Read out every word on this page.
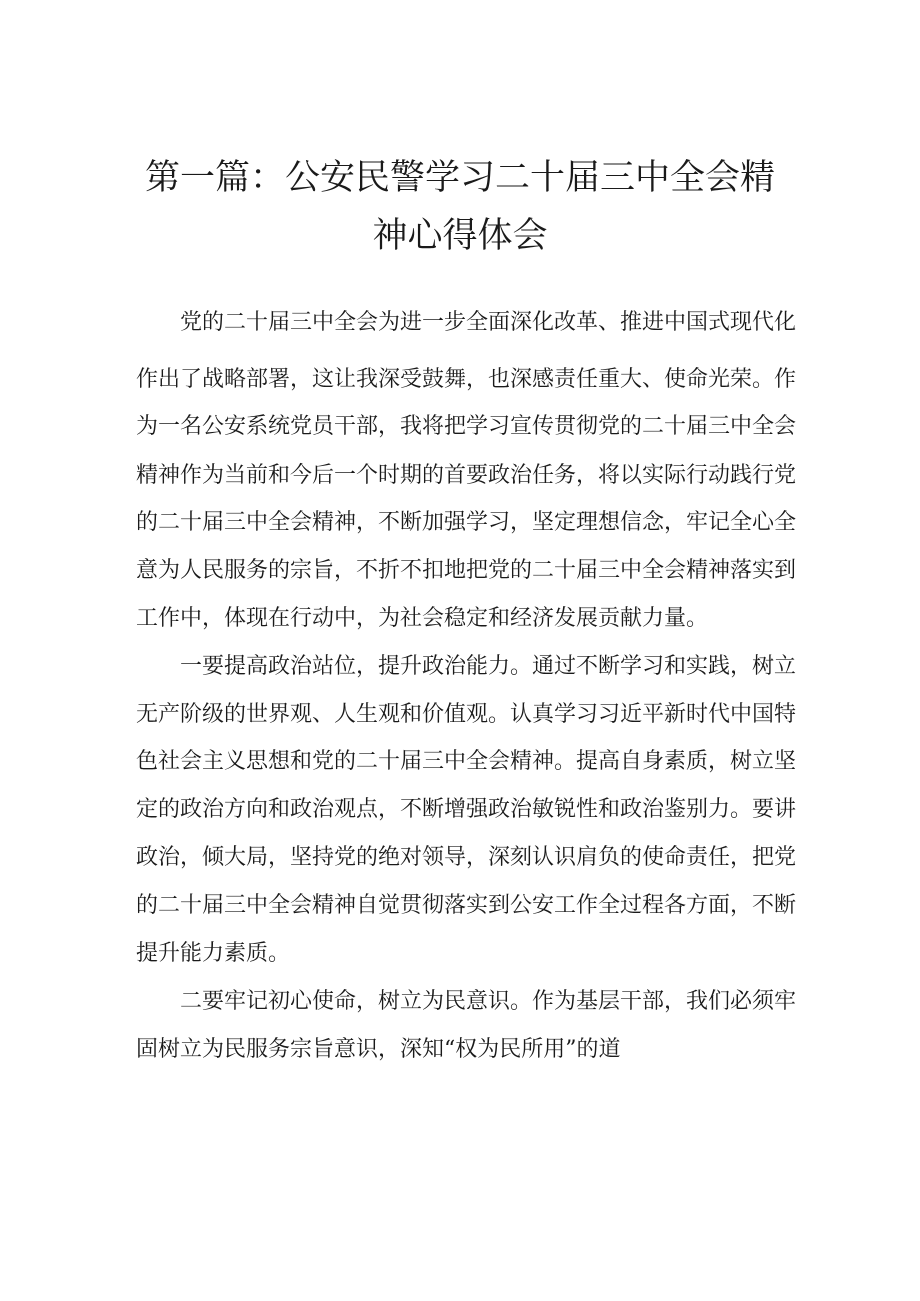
第一篇：公安民警学习二十届三中全会精
神心得体会
党的二十届三中全会为进一步全面深化改革、推进中国式现代化
作出了战略部署，这让我深受鼓舞，也深感责任重大、使命光荣。作
为一名公安系统党员干部，我将把学习宣传贯彻党的二十届三中全会
精神作为当前和今后一个时期的首要政治任务，将以实际行动践行党
的二十届三中全会精神，不断加强学习，坚定理想信念，牢记全心全
意为人民服务的宗旨，不折不扣地把党的二十届三中全会精神落实到
工作中，体现在行动中，为社会稳定和经济发展贡献力量。
一要提高政治站位，提升政治能力。通过不断学习和实践，树立
无产阶级的世界观、人生观和价值观。认真学习习近平新时代中国特
色社会主义思想和党的二十届三中全会精神。提高自身素质，树立坚
定的政治方向和政治观点，不断增强政治敏锐性和政治鉴别力。要讲
政治，倾大局，坚持党的绝对领导，深刻认识肩负的使命责任，把党
的二十届三中全会精神自觉贯彻落实到公安工作全过程各方面，不断
提升能力素质。
二要牢记初心使命，树立为民意识。作为基层干部，我们必须牢
固树立为民服务宗旨意识，深知“权为民所用”的道
